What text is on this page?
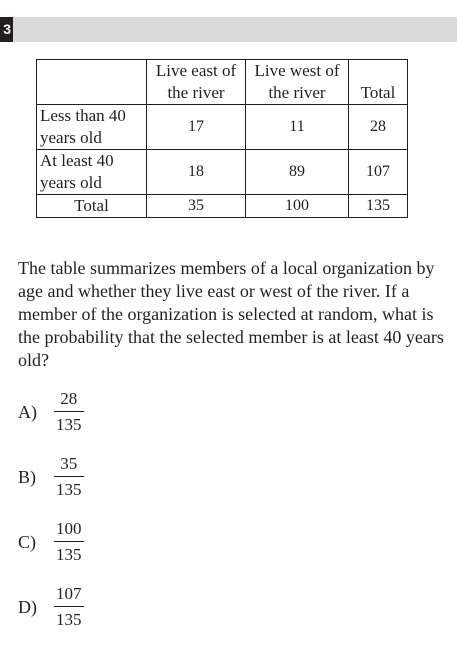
3
	Live east of the river	Live west of the river	Total
Less than 40 years old	17	11	28
At least 40 years old	18	89	107
Total	35	100	135

The table summarizes members of a local organization by age and whether they live east or west of the river. If a member of the organization is selected at random, what is the probability that the selected member is at least 40 years old?

A)	$\frac{28}{135}$
B)	$\frac{35}{135}$
C)	$\frac{100}{135}$
D)	$\frac{107}{135}$
